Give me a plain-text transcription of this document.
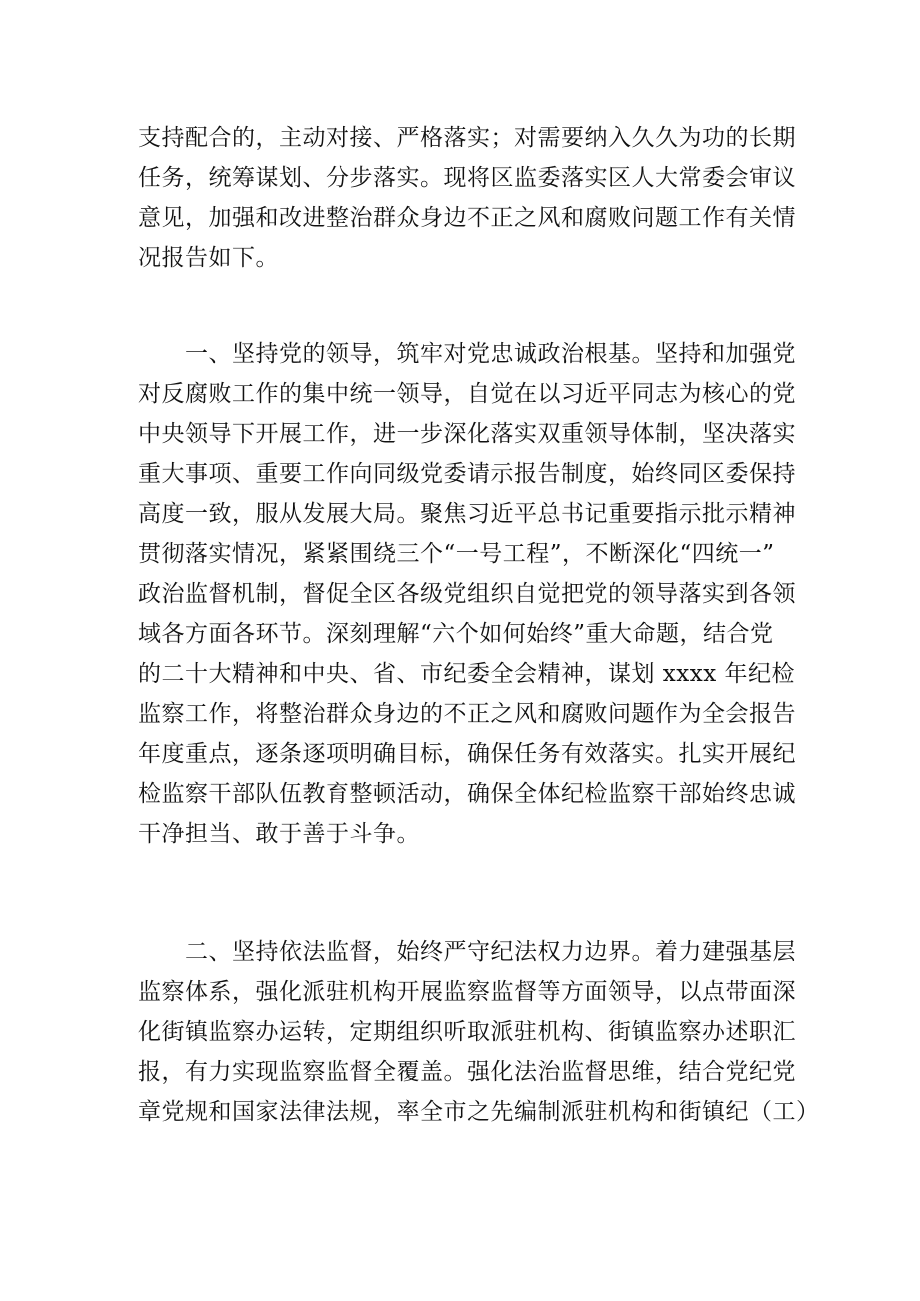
支持配合的，主动对接、严格落实；对需要纳入久久为功的长期
任务，统筹谋划、分步落实。现将区监委落实区人大常委会审议
意见，加强和改进整治群众身边不正之风和腐败问题工作有关情
况报告如下。
一、坚持党的领导，筑牢对党忠诚政治根基。坚持和加强党
对反腐败工作的集中统一领导，自觉在以习近平同志为核心的党
中央领导下开展工作，进一步深化落实双重领导体制，坚决落实
重大事项、重要工作向同级党委请示报告制度，始终同区委保持
高度一致，服从发展大局。聚焦习近平总书记重要指示批示精神
贯彻落实情况，紧紧围绕三个“一号工程”，不断深化“四统一”
政治监督机制，督促全区各级党组织自觉把党的领导落实到各领
域各方面各环节。深刻理解“六个如何始终”重大命题，结合党
的二十大精神和中央、省、市纪委全会精神，谋划 xxxx 年纪检
监察工作，将整治群众身边的不正之风和腐败问题作为全会报告
年度重点，逐条逐项明确目标，确保任务有效落实。扎实开展纪
检监察干部队伍教育整顿活动，确保全体纪检监察干部始终忠诚
干净担当、敢于善于斗争。
二、坚持依法监督，始终严守纪法权力边界。着力建强基层
监察体系，强化派驻机构开展监察监督等方面领导，以点带面深
化街镇监察办运转，定期组织听取派驻机构、街镇监察办述职汇
报，有力实现监察监督全覆盖。强化法治监督思维，结合党纪党
章党规和国家法律法规，率全市之先编制派驻机构和街镇纪（工）
